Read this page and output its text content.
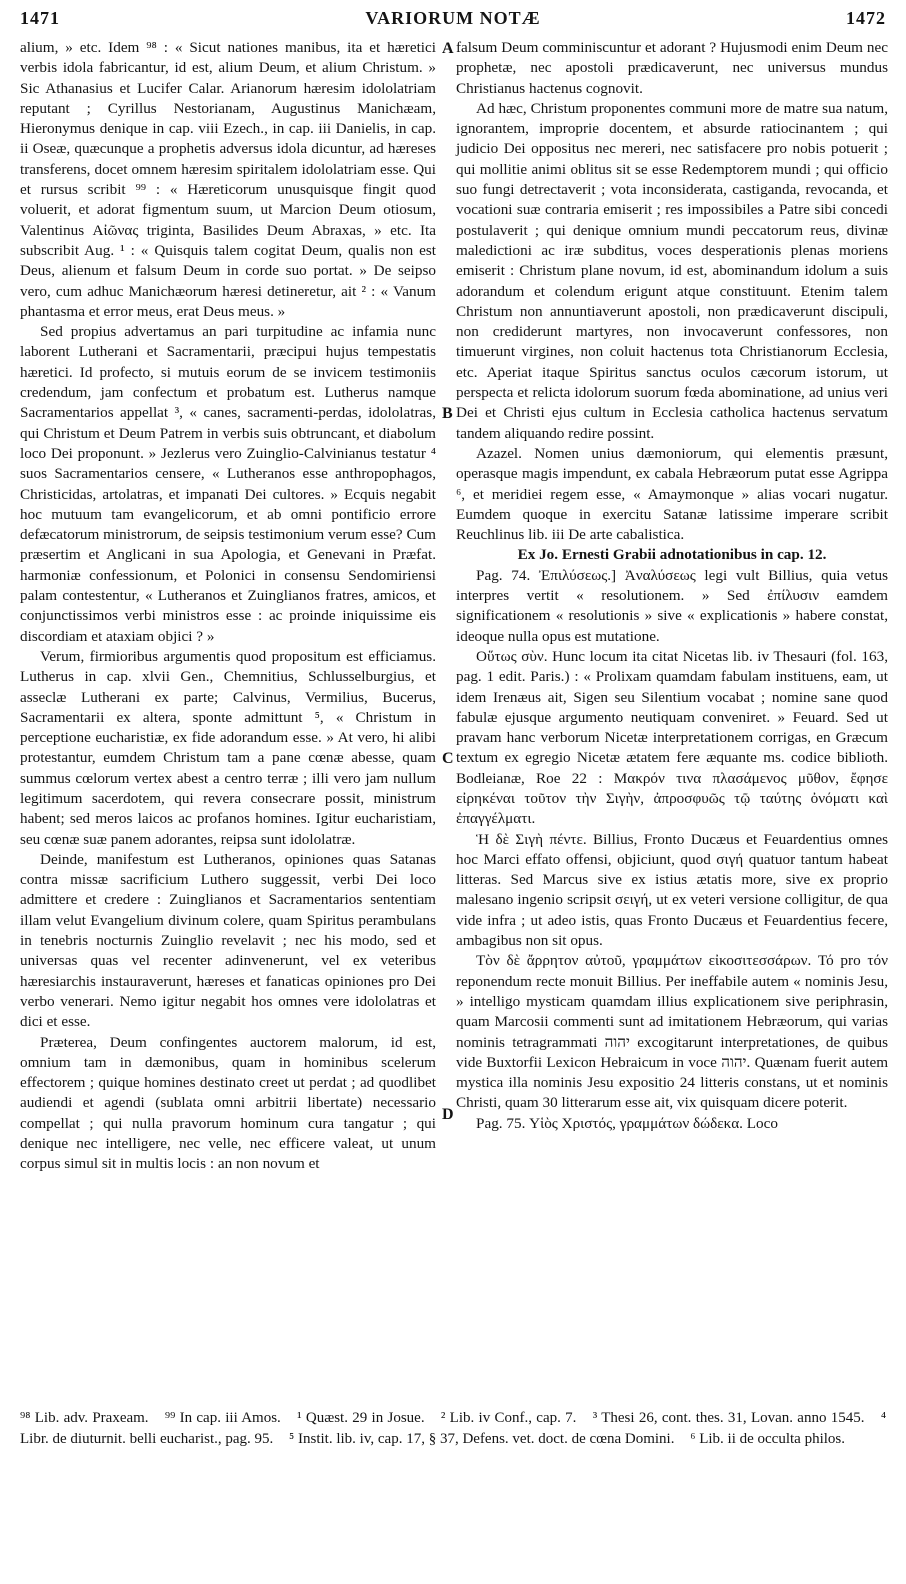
1471	VARIORUM NOTÆ	1472

alium, » etc. Idem ⁹⁸ : « Sicut nationes manibus, ita et hæretici verbis idola fabricantur, id est, alium Deum, et alium Christum. » Sic Athanasius et Lucifer Calar. Arianorum hæresim idololatriam reputant ; Cyrillus Nestorianam, Augustinus Manichæam, Hieronymus denique in cap. viii Ezech., in cap. iii Danielis, in cap. ii Oseæ, quæcunque a prophetis adversus idola dicuntur, ad hæreses transferens, docet omnem hæresim spiritalem idololatriam esse. Qui et rursus scribit ⁹⁹ : « Hæreticorum unusquisque fingit quod voluerit, et adorat figmentum suum, ut Marcion Deum otiosum, Valentinus Αἰῶνας triginta, Basilides Deum Abraxas, » etc. Ita subscribit Aug. ¹ : « Quisquis talem cogitat Deum, qualis non est Deus, alienum et falsum Deum in corde suo portat. » De seipso vero, cum adhuc Manichæorum hæresi detineretur, ait ² : « Vanum phantasma et error meus, erat Deus meus. »

Sed propius advertamus an pari turpitudine ac infamia nunc laborent Lutherani et Sacramentarii, præcipui hujus tempestatis hæretici. Id profecto, si mutuis eorum de se invicem testimoniis credendum, jam confectum et probatum est. Lutherus namque Sacramentarios appellat ³, « canes, sacramenti-perdas, idololatras, qui Christum et Deum Patrem in verbis suis obtruncant, et diabolum loco Dei proponunt. » Jezlerus vero Zuinglio-Calvinianus testatur ⁴ suos Sacramentarios censere, « Lutheranos esse anthropophagos, Christicidas, artolatras, et impanati Dei cultores. » Ecquis negabit hoc mutuum tam evangelicorum, et ab omni pontificio errore defæcatorum ministrorum, de seipsis testimonium verum esse? Cum præsertim et Anglicani in sua Apologia, et Genevani in Præfat. harmoniæ confessionum, et Polonici in consensu Sendomiriensi palam contestentur, « Lutheranos et Zuinglianos fratres, amicos, et conjunctissimos verbi ministros esse : ac proinde iniquissime eis discordiam et ataxiam objici ? »

Verum, firmioribus argumentis quod propositum est efficiamus. Lutherus in cap. xlvii Gen., Chemnitius, Schlusselburgius, et asseclæ Lutherani ex parte; Calvinus, Vermilius, Bucerus, Sacramentarii ex altera, sponte admittunt ⁵, « Christum in perceptione eucharistiæ, ex fide adorandum esse. » At vero, hi alibi protestantur, eumdem Christum tam a pane cœnæ abesse, quam summus cœlorum vertex abest a centro terræ ; illi vero jam nullum legitimum sacerdotem, qui revera consecrare possit, ministrum habent; sed meros laicos ac profanos homines. Igitur eucharistiam, seu cœnæ suæ panem adorantes, reipsa sunt idololatræ.

Deinde, manifestum est Lutheranos, opiniones quas Satanas contra missæ sacrificium Luthero suggessit, verbi Dei loco admittere et credere : Zuinglianos et Sacramentarios sententiam illam velut Evangelium divinum colere, quam Spiritus perambulans in tenebris nocturnis Zuinglio revelavit ; nec his modo, sed et universas quas vel recenter adinvenerunt, vel ex veteribus hæresiarchis instauraverunt, hæreses et fanaticas opiniones pro Dei verbo venerari. Nemo igitur negabit hos omnes vere idololatras et dici et esse.

Præterea, Deum confingentes auctorem malorum, id est, omnium tam in dæmonibus, quam in hominibus scelerum effectorem ; quique homines destinato creet ut perdat ; ad quodlibet audiendi et agendi (sublata omni arbitrii libertate) necessario compellat ; qui nulla pravorum hominum cura tangatur ; qui denique nec intelligere, nec velle, nec efficere valeat, ut unum corpus simul sit in multis locis : an non novum et

A
B
C
D

falsum Deum comminiscuntur et adorant ? Hujusmodi enim Deum nec prophetæ, nec apostoli prædicaverunt, nec universus mundus Christianus hactenus cognovit.

Ad hæc, Christum proponentes communi more de matre sua natum, ignorantem, improprie docentem, et absurde ratiocinantem ; qui judicio Dei oppositus nec mereri, nec satisfacere pro nobis potuerit ; qui mollitie animi oblitus sit se esse Redemptorem mundi ; qui officio suo fungi detrectaverit ; vota inconsiderata, castiganda, revocanda, et vocationi suæ contraria emiserit ; res impossibiles a Patre sibi concedi postulaverit ; qui denique omnium mundi peccatorum reus, divinæ maledictioni ac iræ subditus, voces desperationis plenas moriens emiserit : Christum plane novum, id est, abominandum idolum a suis adorandum et colendum erigunt atque constituunt. Etenim talem Christum non annuntiaverunt apostoli, non prædicaverunt discipuli, non crediderunt martyres, non invocaverunt confessores, non timuerunt virgines, non coluit hactenus tota Christianorum Ecclesia, etc. Aperiat itaque Spiritus sanctus oculos cæcorum istorum, ut perspecta et relicta idolorum suorum fœda abominatione, ad unius veri Dei et Christi ejus cultum in Ecclesia catholica hactenus servatum tandem aliquando redire possint.

Azazel. Nomen unius dæmoniorum, qui elementis præsunt, operasque magis impendunt, ex cabala Hebræorum putat esse Agrippa ⁶, et meridiei regem esse, « Amaymonque » alias vocari nugatur. Eumdem quoque in exercitu Satanæ latissime imperare scribit Reuchlinus lib. iii De arte cabalistica.

Ex Jo. Ernesti Grabii adnotationibus in cap. 12.

Pag. 74. Ἐπιλύσεως.] Ἀναλύσεως legi vult Billius, quia vetus interpres vertit « resolutionem. » Sed ἐπίλυσιν eamdem significationem « resolutionis » sive « explicationis » habere constat, ideoque nulla opus est mutatione.

Οὕτως σὺν. Hunc locum ita citat Nicetas lib. iv Thesauri (fol. 163, pag. 1 edit. Paris.) : « Prolixam quamdam fabulam instituens, eam, ut idem Irenæus ait, Sigen seu Silentium vocabat ; nomine sane quod fabulæ ejusque argumento neutiquam conveniret. » Feuard. Sed ut pravam hanc verborum Nicetæ interpretationem corrigas, en Græcum textum ex egregio Nicetæ ætatem fere æquante ms. codice biblioth. Bodleianæ, Roe 22 : Μακρόν τινα πλασάμενος μῦθον, ἔφησε εἰρηκέναι τοῦτον τὴν Σιγὴν, ἀπροσφυῶς τῷ ταύτης ὀνόματι καὶ ἐπαγγέλματι.

Ἡ δὲ Σιγὴ πέντε. Billius, Fronto Ducæus et Feuardentius omnes hoc Marci effato offensi, objiciunt, quod σιγή quatuor tantum habeat litteras. Sed Marcus sive ex istius ætatis more, sive ex proprio malesano ingenio scripsit σειγή, ut ex veteri versione colligitur, de qua vide infra ; ut adeo istis, quas Fronto Ducæus et Feuardentius fecere, ambagibus non sit opus.

Τὸν δὲ ἄρρητον αὐτοῦ, γραμμάτων εἰκοσιτεσσάρων. Τό pro τόν reponendum recte monuit Billius. Per ineffabile autem « nominis Jesu, » intelligo mysticam quamdam illius explicationem sive periphrasin, quam Marcosii commenti sunt ad imitationem Hebræorum, qui varias nominis tetragrammati יהוה excogitarunt interpretationes, de quibus vide Buxtorfii Lexicon Hebraicum in voce יהוה. Quænam fuerit autem mystica illa nominis Jesu expositio 24 litteris constans, ut et nominis Christi, quam 30 litterarum esse ait, vix quisquam dicere poterit.

Pag. 75. Υἱὸς Χριστός, γραμμάτων δώδεκα. Loco

⁹⁸ Lib. adv. Praxeam. ⁹⁹ In cap. iii Amos. ¹ Quæst. 29 in Josue. ² Lib. iv Conf., cap. 7. ³ Thesi 26, cont. thes. 31, Lovan. anno 1545. ⁴ Libr. de diuturnit. belli eucharist., pag. 95. ⁵ Instit. lib. iv, cap. 17, § 37, Defens. vet. doct. de cœna Domini. ⁶ Lib. ii de occulta philos.
